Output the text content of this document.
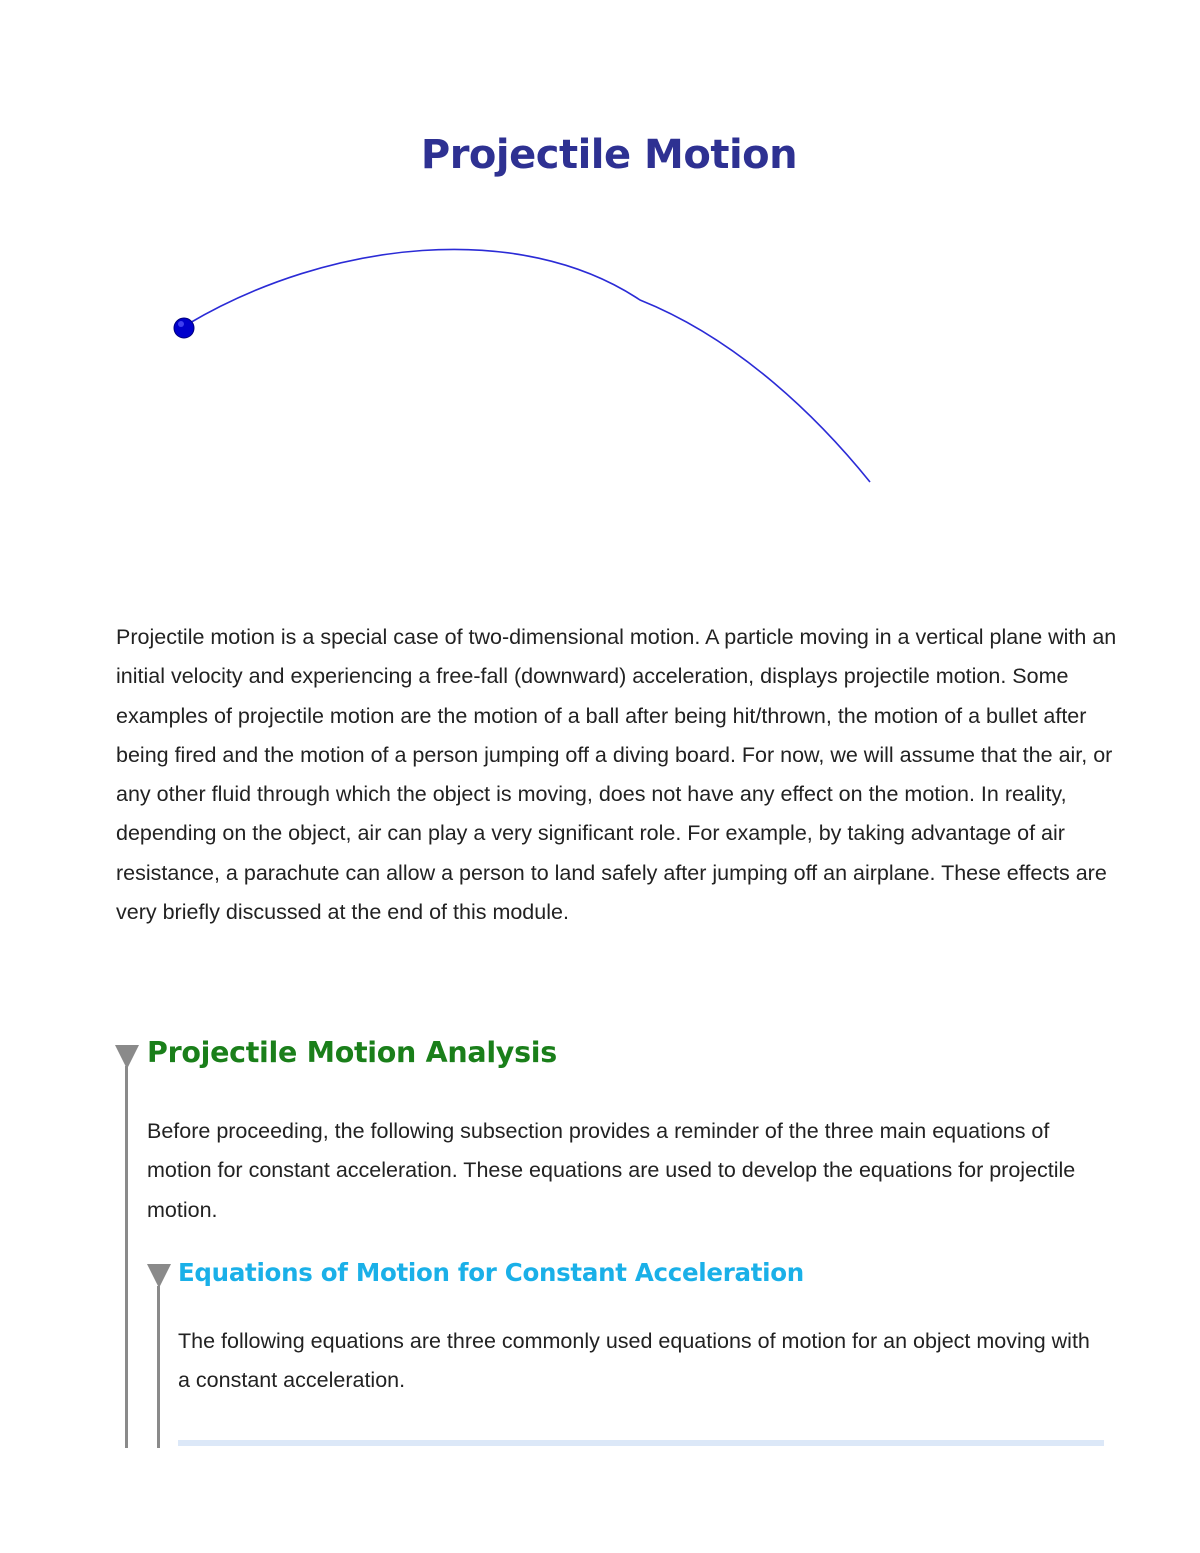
Projectile Motion
Projectile motion is a special case of two-dimensional motion. A particle moving in a vertical plane with an initial velocity and experiencing a free-fall (downward) acceleration, displays projectile motion. Some examples of projectile motion are the motion of a ball after being hit/thrown, the motion of a bullet after being fired and the motion of a person jumping off a diving board. For now, we will assume that the air, or any other fluid through which the object is moving, does not have any effect on the motion. In reality, depending on the object, air can play a very significant role. For example, by taking advantage of air resistance, a parachute can allow a person to land safely after jumping off an airplane. These effects are very briefly discussed at the end of this module.
Projectile Motion Analysis
Before proceeding, the following subsection provides a reminder of the three main equations of motion for constant acceleration. These equations are used to develop the equations for projectile motion.
Equations of Motion for Constant Acceleration
The following equations are three commonly used equations of motion for an object moving with a constant acceleration.
